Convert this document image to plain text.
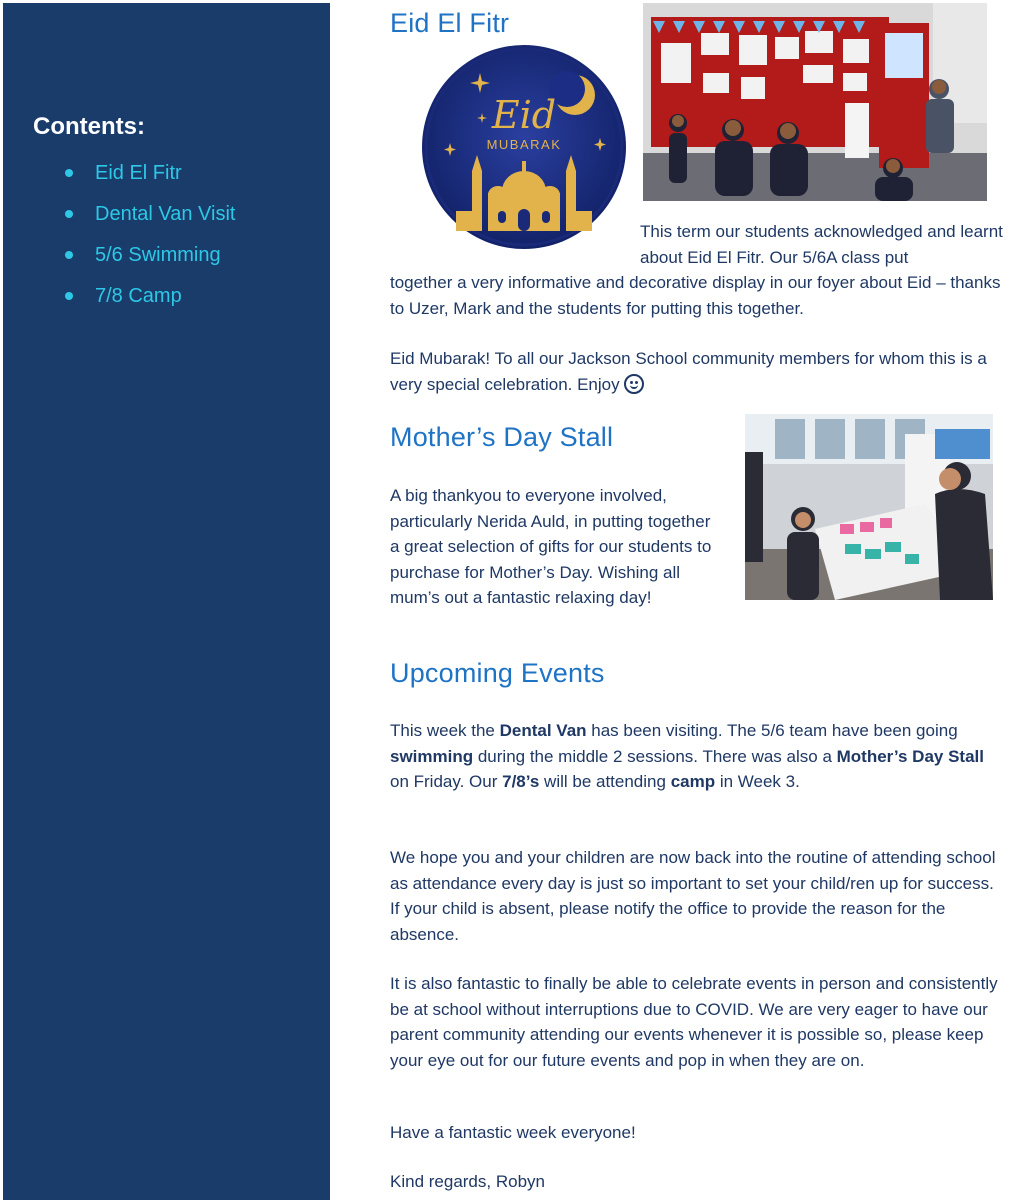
Contents:
Eid El Fitr
Dental Van Visit
5/6 Swimming
7/8 Camp
Eid
MUBARAK
Eid El Fitr

This term our students acknowledged and learnt about Eid El Fitr. Our 5/6A class put

together a very informative and decorative display in our foyer about Eid – thanks to Uzer, Mark and the students for putting this together.

Eid Mubarak! To all our Jackson School community members for whom this is a very special celebration. Enjoy

Mother’s Day Stall

A big thankyou to everyone involved, particularly Nerida Auld, in putting together a great selection of gifts for our students to purchase for Mother’s Day. Wishing all mum’s out a fantastic relaxing day!

Upcoming Events

This week the Dental Van has been visiting. The 5/6 team have been going swimming during the middle 2 sessions. There was also a Mother’s Day Stall on Friday. Our 7/8’s will be attending camp in Week 3.

We hope you and your children are now back into the routine of attending school as attendance every day is just so important to set your child/ren up for success. If your child is absent, please notify the office to provide the reason for the absence.

It is also fantastic to finally be able to celebrate events in person and consistently be at school without interruptions due to COVID. We are very eager to have our parent community attending our events whenever it is possible so, please keep your eye out for our future events and pop in when they are on.

Have a fantastic week everyone!

Kind regards, Robyn
